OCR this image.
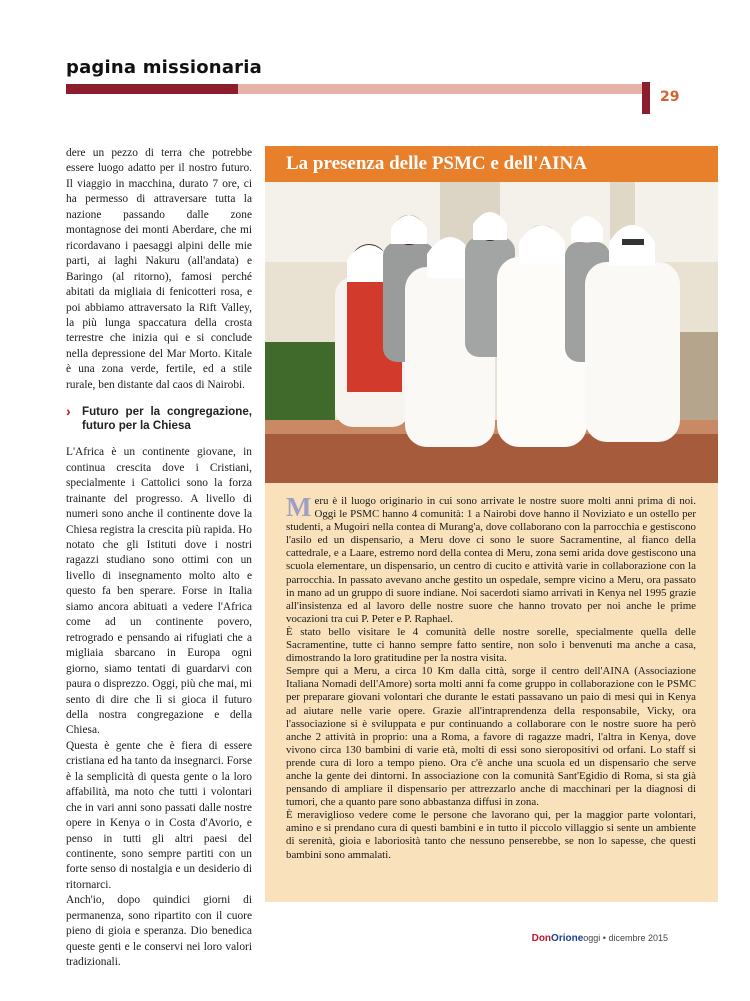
pagina missionaria
29

dere un pezzo di terra che potrebbe essere luogo adatto per il nostro futuro. Il viaggio in macchina, durato 7 ore, ci ha permesso di attraversare tutta la nazione passando dalle zone montagnose dei monti Aberdare, che mi ricordavano i paesaggi alpini delle mie parti, ai laghi Nakuru (all'andata) e Baringo (al ritorno), famosi perché abitati da migliaia di fenicotteri rosa, e poi abbiamo attraversato la Rift Valley, la più lunga spaccatura della crosta terrestre che inizia qui e si conclude nella depressione del Mar Morto. Kitale è una zona verde, fertile, ed a stile rurale, ben distante dal caos di Nairobi.

› Futuro per la congregazione, futuro per la Chiesa

L'Africa è un continente giovane, in continua crescita dove i Cristiani, specialmente i Cattolici sono la forza trainante del progresso. A livello di numeri sono anche il continente dove la Chiesa registra la crescita più rapida. Ho notato che gli Istituti dove i nostri ragazzi studiano sono ottimi con un livello di insegnamento molto alto e questo fa ben sperare. Forse in Italia siamo ancora abituati a vedere l'Africa come ad un continente povero, retrogrado e pensando ai rifugiati che a migliaia sbarcano in Europa ogni giorno, siamo tentati di guardarvi con paura o disprezzo. Oggi, più che mai, mi sento di dire che lì si gioca il futuro della nostra congregazione e della Chiesa.

Questa è gente che è fiera di essere cristiana ed ha tanto da insegnarci. Forse è la semplicità di questa gente o la loro affabilità, ma noto che tutti i volontari che in vari anni sono passati dalle nostre opere in Kenya o in Costa d'Avorio, e penso in tutti gli altri paesi del continente, sono sempre partiti con un forte senso di nostalgia e un desiderio di ritornarci.

Anch'io, dopo quindici giorni di permanenza, sono ripartito con il cuore pieno di gioia e speranza. Dio benedica queste genti e le conservi nei loro valori tradizionali.

La presenza delle PSMC e dell'AINA

Meru è il luogo originario in cui sono arrivate le nostre suore molti anni prima di noi. Oggi le PSMC hanno 4 comunità: 1 a Nairobi dove hanno il Noviziato e un ostello per studenti, a Mugoiri nella contea di Murang'a, dove collaborano con la parrocchia e gestiscono l'asilo ed un dispensario, a Meru dove ci sono le suore Sacramentine, al fianco della cattedrale, e a Laare, estremo nord della contea di Meru, zona semi arida dove gestiscono una scuola elementare, un dispensario, un centro di cucito e attività varie in collaborazione con la parrocchia. In passato avevano anche gestito un ospedale, sempre vicino a Meru, ora passato in mano ad un gruppo di suore indiane. Noi sacerdoti siamo arrivati in Kenya nel 1995 grazie all'insistenza ed al lavoro delle nostre suore che hanno trovato per noi anche le prime vocazioni tra cui P. Peter e P. Raphael.

È stato bello visitare le 4 comunità delle nostre sorelle, specialmente quella delle Sacramentine, tutte ci hanno sempre fatto sentire, non solo i benvenuti ma anche a casa, dimostrando la loro gratitudine per la nostra visita.

Sempre qui a Meru, a circa 10 Km dalla città, sorge il centro dell'AINA (Associazione Italiana Nomadi dell'Amore) sorta molti anni fa come gruppo in collaborazione con le PSMC per preparare giovani volontari che durante le estati passavano un paio di mesi qui in Kenya ad aiutare nelle varie opere. Grazie all'intraprendenza della responsabile, Vicky, ora l'associazione si è sviluppata e pur continuando a collaborare con le nostre suore ha però anche 2 attività in proprio: una a Roma, a favore di ragazze madri, l'altra in Kenya, dove vivono circa 130 bambini di varie età, molti di essi sono sieropositivi od orfani. Lo staff si prende cura di loro a tempo pieno. Ora c'è anche una scuola ed un dispensario che serve anche la gente dei dintorni. In associazione con la comunità Sant'Egidio di Roma, si sta già pensando di ampliare il dispensario per attrezzarlo anche di macchinari per la diagnosi di tumori, che a quanto pare sono abbastanza diffusi in zona.

È meraviglioso vedere come le persone che lavorano qui, per la maggior parte volontari, amino e si prendano cura di questi bambini e in tutto il piccolo villaggio si sente un ambiente di serenità, gioia e laboriosità tanto che nessuno penserebbe, se non lo sapesse, che questi bambini sono ammalati.

DonOrioneoggi • dicembre 2015
